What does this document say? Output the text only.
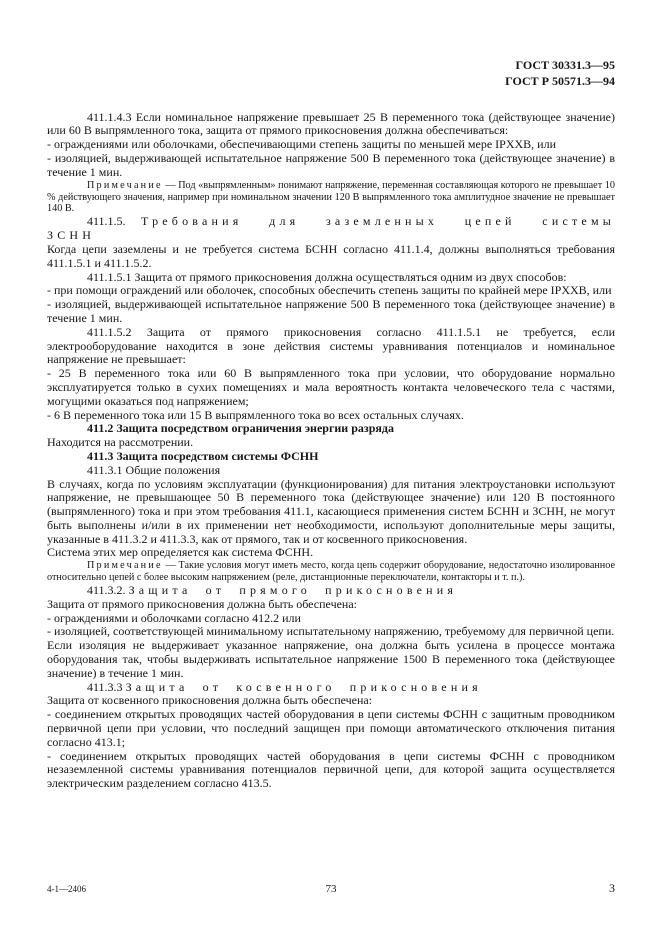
ГОСТ 30331.3—95
ГОСТ Р 50571.3—94

411.1.4.3 Если номинальное напряжение превышает 25 В переменного тока (действующее значение) или 60 В выпрямленного тока, защита от прямого прикосновения должна обеспечиваться:

- ограждениями или оболочками, обеспечивающими степень защиты по меньшей мере IPXXB, или

- изоляцией, выдерживающей испытательное напряжение 500 В переменного тока (действующее значение) в течение 1 мин.

Примечание — Под «выпрямленным» понимают напряжение, переменная составляющая которого не превышает 10 % действующего значения, например при номинальном значении 120 В выпрямленного тока амплитудное значение не превышает 140 В.

411.1.5. Требования для заземленных цепей системы ЗСНН

Когда цепи заземлены и не требуется система БСНН согласно 411.1.4, должны выполняться требования 411.1.5.1 и 411.1.5.2.

411.1.5.1 Защита от прямого прикосновения должна осуществляться одним из двух способов:

- при помощи ограждений или оболочек, способных обеспечить степень защиты по крайней мере IPXXB, или

- изоляцией, выдерживающей испытательное напряжение 500 В переменного тока (действующее значение) в течение 1 мин.

411.1.5.2 Защита от прямого прикосновения согласно 411.1.5.1 не требуется, если электрооборудование находится в зоне действия системы уравнивания потенциалов и номинальное напряжение не превышает:

- 25 В переменного тока или 60 В выпрямленного тока при условии, что оборудование нормально эксплуатируется только в сухих помещениях и мала вероятность контакта человеческого тела с частями, могущими оказаться под напряжением;

- 6 В переменного тока или 15 В выпрямленного тока во всех остальных случаях.

411.2 Защита посредством ограничения энергии разряда

Находится на рассмотрении.

411.3 Защита посредством системы ФСНН

411.3.1 Общие положения

В случаях, когда по условиям эксплуатации (функционирования) для питания электроустановки используют напряжение, не превышающее 50 В переменного тока (действующее значение) или 120 В постоянного (выпрямленного) тока и при этом требования 411.1, касающиеся применения систем БСНН и ЗСНН, не могут быть выполнены и/или в их применении нет необходимости, используют дополнительные меры защиты, указанные в 411.3.2 и 411.3.3, как от прямого, так и от косвенного прикосновения.

Система этих мер определяется как система ФСНН.

Примечание — Такие условия могут иметь место, когда цепь содержит оборудование, недостаточно изолированное относительно цепей с более высоким напряжением (реле, дистанционные переключатели, контакторы и т. п.).

411.3.2. Защита от прямого прикосновения

Защита от прямого прикосновения должна быть обеспечена:

- ограждениями и оболочками согласно 412.2 или

- изоляцией, соответствующей минимальному испытательному напряжению, требуемому для первичной цепи.

Если изоляция не выдерживает указанное напряжение, она должна быть усилена в процессе монтажа оборудования так, чтобы выдерживать испытательное напряжение 1500 В переменного тока (действующее значение) в течение 1 мин.

411.3.3 Защита от косвенного прикосновения

Защита от косвенного прикосновения должна быть обеспечена:

- соединением открытых проводящих частей оборудования в цепи системы ФСНН с защитным проводником первичной цепи при условии, что последний защищен при помощи автоматического отключения питания согласно 413.1;

- соединением открытых проводящих частей оборудования в цепи системы ФСНН с проводником незаземленной системы уравнивания потенциалов первичной цепи, для которой защита осуществляется электрическим разделением согласно 413.5.

4-1—2406	73	3
